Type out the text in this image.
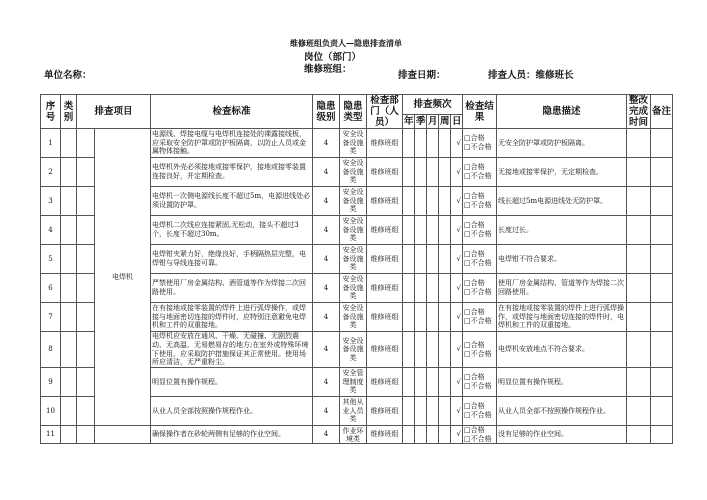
维修班组负责人—隐患排查清单
岗位（部门）维修班组：
单位名称：	排查日期：	排查人员：维修班长
序号	类别	排查项目		检查标准	隐患级别	隐患类型	检查部门（人员）	排查频次					检查结果	隐患描述	整改完成时间	备注
								年	季	月	周	日				
1			电焊机	电源线、焊接电缆与电焊机连接处的裸露接线板，应采取安全防护罩或防护板隔离，以防止人员或金属物体接触。	4	安全设备设施类	维修班组					√	□合格
□不合格	无安全防护罩或防护板隔离。		

2				电焊机外壳必须接地或接零保护，接地或接零装置连接良好，并定期检查。	4	安全设备设施类	维修班组					√	□合格
□不合格	无接地或接零保护，无定期检查。		

3				电焊机一次侧电源线长度不超过5m，电源进线处必须设置防护罩。	4	安全设备设施类	维修班组					√	□合格
□不合格	线长超过5m电源进线处无防护罩。		

4				电焊机二次线应连接紧固,无松动，接头不超过3个，长度不超过30m。	4	安全设备设施类	维修班组					√	□合格
□不合格	长度过长。		

5				电焊钳夹紧力好，绝缘良好，手柄隔热层完整，电焊钳与导线连接可靠。	4	安全设备设施类	维修班组					√	□合格
□不合格	电焊钳不符合要求。		

6				严禁使用厂房金属结构、酒管道等作为焊接二次回路使用。	4	安全设备设施类	维修班组					√	□合格
□不合格	使用厂房金属结构、管道等作为焊接二次回路使用。		

7				在有接地或接零装置的焊件上进行弧焊操作，或焊接与地面密切连接的焊件时，应特别注意避免电焊机和工件的双重接地。	4	安全设备设施类	维修班组					√	□合格
□不合格	在有接地或接零装置的焊件上进行弧焊操作，或焊接与地面密切连接的焊件时，电焊机和工件的双重接地。		

8				电焊机应安放在通风、干燥、无碰撞、无剧烈震动、无高温、无易燃易存的地方;在室外或特殊环境下使用，应采取防护措施保证其正常使用。使用场所应清洁，无严重粉尘。	4	安全设备设施类	维修班组					√	□合格
□不合格	电焊机安放地点不符合要求。		

9				明显位置有操作规程。	4	安全管理制度类	维修班组					√	□合格
□不合格	明显位置有操作规程。		

10				从业人员全部按照操作规程作业。	4	其他从业人员类	维修班组					√	□合格
□不合格	从业人员全部不按照操作规程作业。		

11				确保操作者在砂轮两侧有足够的作业空间。	4	作业环境类	维修班组					√	□合格
□不合格	没有足够的作业空间。		
